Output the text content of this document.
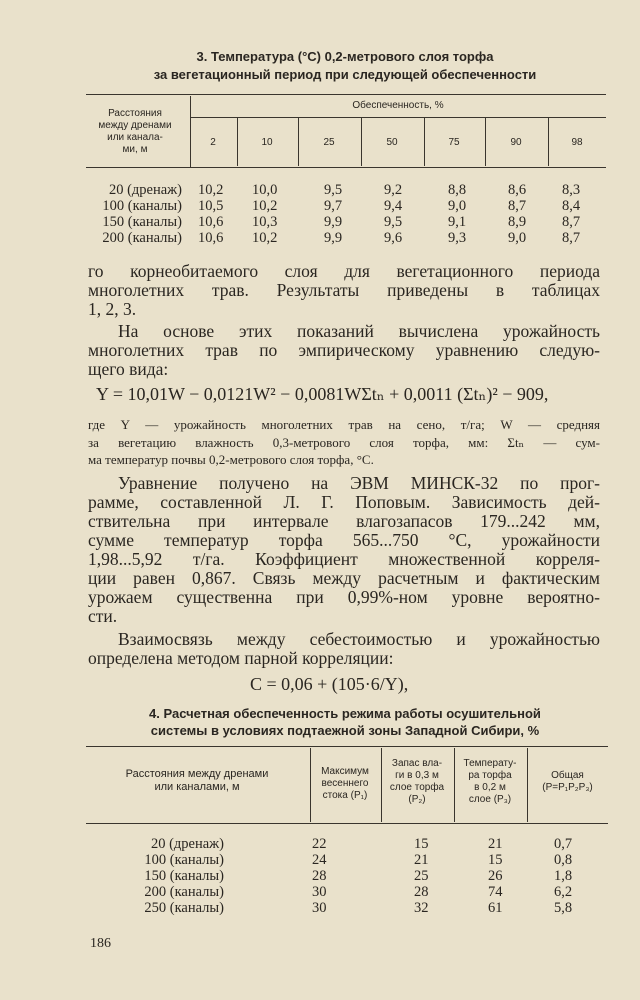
3. Температура (°С) 0,2-метрового слоя торфа
за вегетационный период при следующей обеспеченности
Расстояния
между дренами
или канала-
ми, м
Обеспеченность, %
2	10	25	50	75	90	98
20 (дренаж) 10,2 10,0	9,5	9,2	8,8	8,6 8,3
100 (каналы) 10,5 10,2	9,7	9,4	9,0	8,7 8,4
150 (каналы) 10,6 10,3	9,9	9,5	9,1	8,9 8,7
200 (каналы) 10,6 10,2	9,9	9,6	9,3	9,0 8,7
го корнеобитаемого слоя для вегетационного периода
многолетних трав. Результаты приведены в таблицах
1, 2, 3.
На основе этих показаний вычислена урожайность
многолетних трав по эмпирическому уравнению следую-
щего вида:
Y = 10,01W − 0,0121W² − 0,0081WΣtₙ + 0,0011 (Σtₙ)² − 909,
где Y — урожайность многолетних трав на сено, т/га; W — средняя
за вегетацию влажность 0,3-метрового слоя торфа, мм: Σtₙ — сум-
ма температур почвы 0,2-метрового слоя торфа, °С.
Уравнение получено на ЭВМ МИНСК-32 по прог-
рамме, составленной Л. Г. Поповым. Зависимость дей-
ствительна при интервале влагозапасов 179...242 мм,
сумме температур торфа 565...750 °С, урожайности
1,98...5,92 т/га. Коэффициент множественной корреля-
ции равен 0,867. Связь между расчетным и фактическим
урожаем существенна при 0,99%-ном уровне вероятно-
сти.
Взаимосвязь между себестоимостью и урожайностью
определена методом парной корреляции:
C = 0,06 + (105·6/Y),
4. Расчетная обеспеченность режима работы осушительной
системы в условиях подтаежной зоны Западной Сибири, %
Расстояния между дренами
или каналами, м
Максимум
весеннего
стока (P₁)
Запас вла-
ги в 0,3 м
слое торфа
(P₂)
Температу-
ра торфа
в 0,2 м
слое (P₃)
Общая
(P=P₁P₂P₃)
20 (дренаж)	22	15	21	0,7
100 (каналы)	24	21	15	0,8
150 (каналы)	28	25	26	1,8
200 (каналы)	30	28	74	6,2
250 (каналы)	30	32	61	5,8
186
